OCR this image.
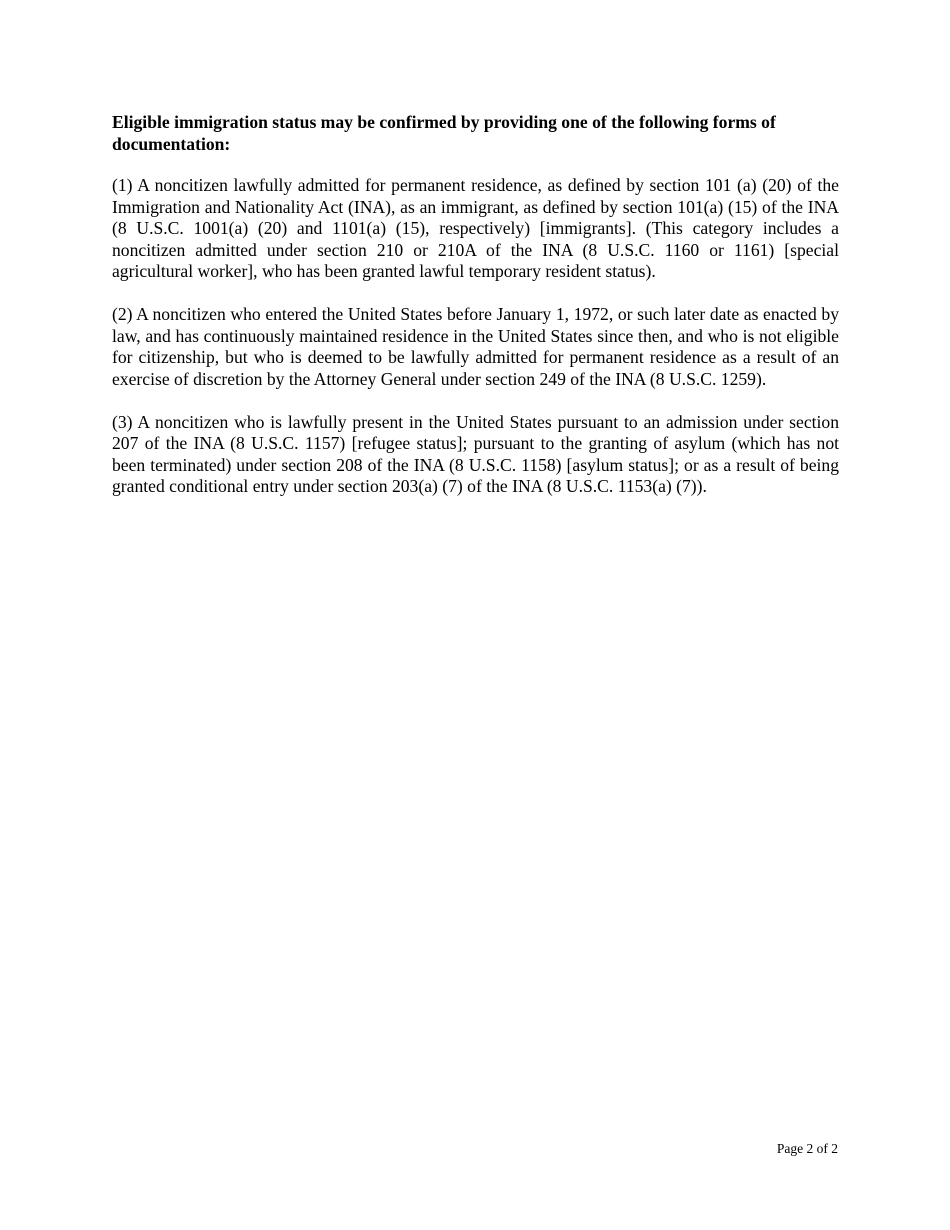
Eligible immigration status may be confirmed by providing one of the following forms of documentation:

(1) A noncitizen lawfully admitted for permanent residence, as defined by section 101 (a) (20) of the Immigration and Nationality Act (INA), as an immigrant, as defined by section 101(a) (15) of the INA (8 U.S.C. 1001(a) (20) and 1101(a) (15), respectively) [immigrants]. (This category includes a noncitizen admitted under section 210 or 210A of the INA (8 U.S.C. 1160 or 1161) [special agricultural worker], who has been granted lawful temporary resident status).

(2) A noncitizen who entered the United States before January 1, 1972, or such later date as enacted by law, and has continuously maintained residence in the United States since then, and who is not eligible for citizenship, but who is deemed to be lawfully admitted for permanent residence as a result of an exercise of discretion by the Attorney General under section 249 of the INA (8 U.S.C. 1259).

(3) A noncitizen who is lawfully present in the United States pursuant to an admission under section 207 of the INA (8 U.S.C. 1157) [refugee status]; pursuant to the granting of asylum (which has not been terminated) under section 208 of the INA (8 U.S.C. 1158) [asylum status]; or as a result of being granted conditional entry under section 203(a) (7) of the INA (8 U.S.C. 1153(a) (7)).

Page 2 of 2
